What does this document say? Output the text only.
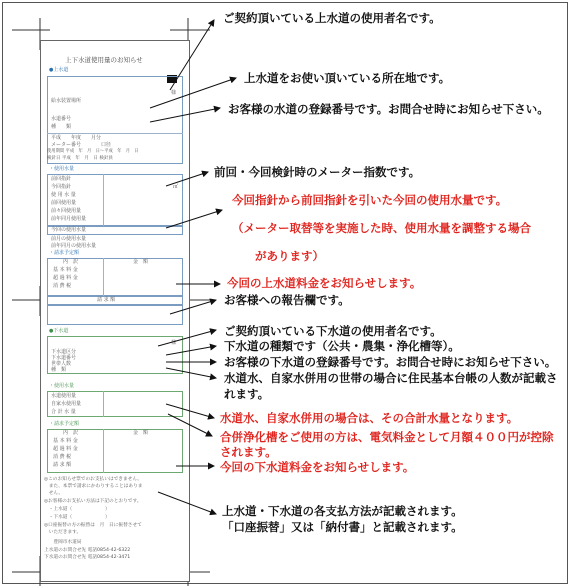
上下水道使用量のお知らせ
●上水道
様
給水装置場所
水道番号
種　　類
平成　　年度　　月分
メーター番号　　　　口径
使用期間 平成　年　月　日〜平成　年　月　日
検針日 平成　年　月　日 検針員
・使用水量
前回指針
今回指針
使 用 水 量
前回使用量
前々回使用量
前年同月使用量
㎥
今回の使用水量
前月の使用水量
前年同月の使用水量
・請求予定額
内　訳	金　額
基 本 料 金
超 過 料 金
消 費 税
請 求 額
●下水道
様
下水道区分
下水道番号
世帯人数
種　類
・使用水量
水道使用量
自家水使用量
合 計 水 量
・請求予定額
内　訳	金　額
基 本 料 金
超 過 料 金
消 費 税
請 求 額
◎このお知らせ票でのお支払いはできません。
　また、本票で請求にかわりすることはありま
　せん。
◎お客様のお支払い方法は下記のとおりです。
　・上水道（　　　　　　　）
　・下水道（　　　　　　　）
◎口座振替の方の振替は　月　日に振替させて
　いただきます。
　　豊岡市水道局
上水道のお問合せ先 電話0854-42-6322
下水道のお問合せ先 電話0854-42-3471
ご契約頂いている上水道の使用者名です。
上水道をお使い頂いている所在地です。
お客様の水道の登録番号です。お問合せ時にお知らせ下さい。
前回・今回検針時のメーター指数です。
今回指針から前回指針を引いた今回の使用水量です。
（メーター取替等を実施した時、使用水量を調整する場合
があります）
今回の上水道料金をお知らせします。
お客様への報告欄です。
ご契約頂いている下水道の使用者名です。
下水道の種類です（公共・農集・浄化槽等）。
お客様の下水道の登録番号です。お問合せ時にお知らせ下さい。
水道水、自家水併用の世帯の場合に住民基本台帳の人数が記載さ
れます。
水道水、自家水併用の場合は、その合計水量となります。
合併浄化槽をご使用の方は、電気料金として月額４００円が控除
されます。
今回の下水道料金をお知らせします。
上水道・下水道の各支払方法が記載されます。
「口座振替」又は「納付書」と記載されます。
